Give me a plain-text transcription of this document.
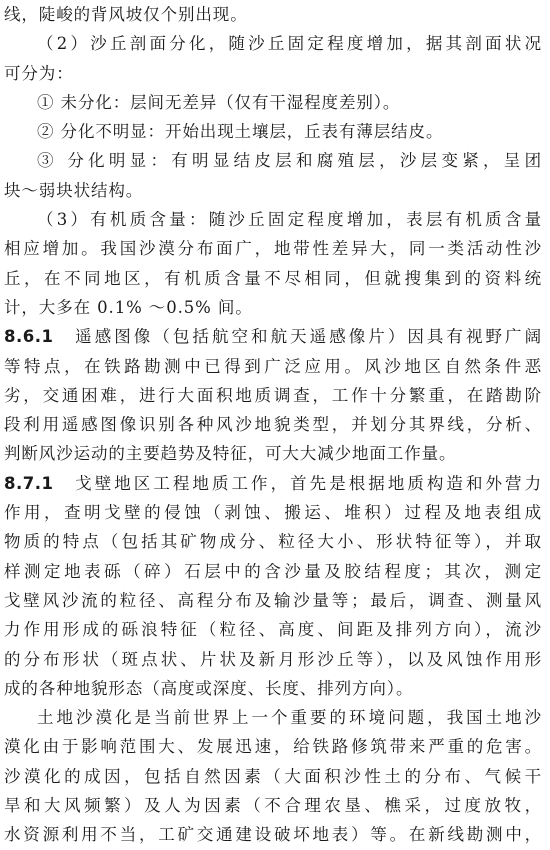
线，陡峻的背风坡仅个别出现。
（2）沙丘剖面分化，随沙丘固定程度增加，据其剖面状况
可分为：
① 未分化：层间无差异（仅有干湿程度差别）。
② 分化不明显：开始出现土壤层，丘表有薄层结皮。
③ 分化明显：有明显结皮层和腐殖层，沙层变紧，呈团
块～弱块状结构。
（3）有机质含量：随沙丘固定程度增加，表层有机质含量
相应增加。我国沙漠分布面广，地带性差异大，同一类活动性沙
丘，在不同地区，有机质含量不尽相同，但就搜集到的资料统
计，大多在 0.1% ～0.5% 间。
8.6.1　遥感图像（包括航空和航天遥感像片）因具有视野广阔
等特点，在铁路勘测中已得到广泛应用。风沙地区自然条件恶
劣，交通困难，进行大面积地质调查，工作十分繁重，在踏勘阶
段利用遥感图像识别各种风沙地貌类型，并划分其界线，分析、
判断风沙运动的主要趋势及特征，可大大减少地面工作量。
8.7.1　戈壁地区工程地质工作，首先是根据地质构造和外营力
作用，查明戈壁的侵蚀（剥蚀、搬运、堆积）过程及地表组成
物质的特点（包括其矿物成分、粒径大小、形状特征等），并取
样测定地表砾（碎）石层中的含沙量及胶结程度；其次，测定
戈壁风沙流的粒径、高程分布及输沙量等；最后，调查、测量风
力作用形成的砾浪特征（粒径、高度、间距及排列方向），流沙
的分布形状（斑点状、片状及新月形沙丘等），以及风蚀作用形
成的各种地貌形态（高度或深度、长度、排列方向）。
土地沙漠化是当前世界上一个重要的环境问题，我国土地沙
漠化由于影响范围大、发展迅速，给铁路修筑带来严重的危害。
沙漠化的成因，包括自然因素（大面积沙性土的分布、气候干
旱和大风频繁）及人为因素（不合理农垦、樵采，过度放牧，
水资源利用不当，工矿交通建设破坏地表）等。在新线勘测中，
